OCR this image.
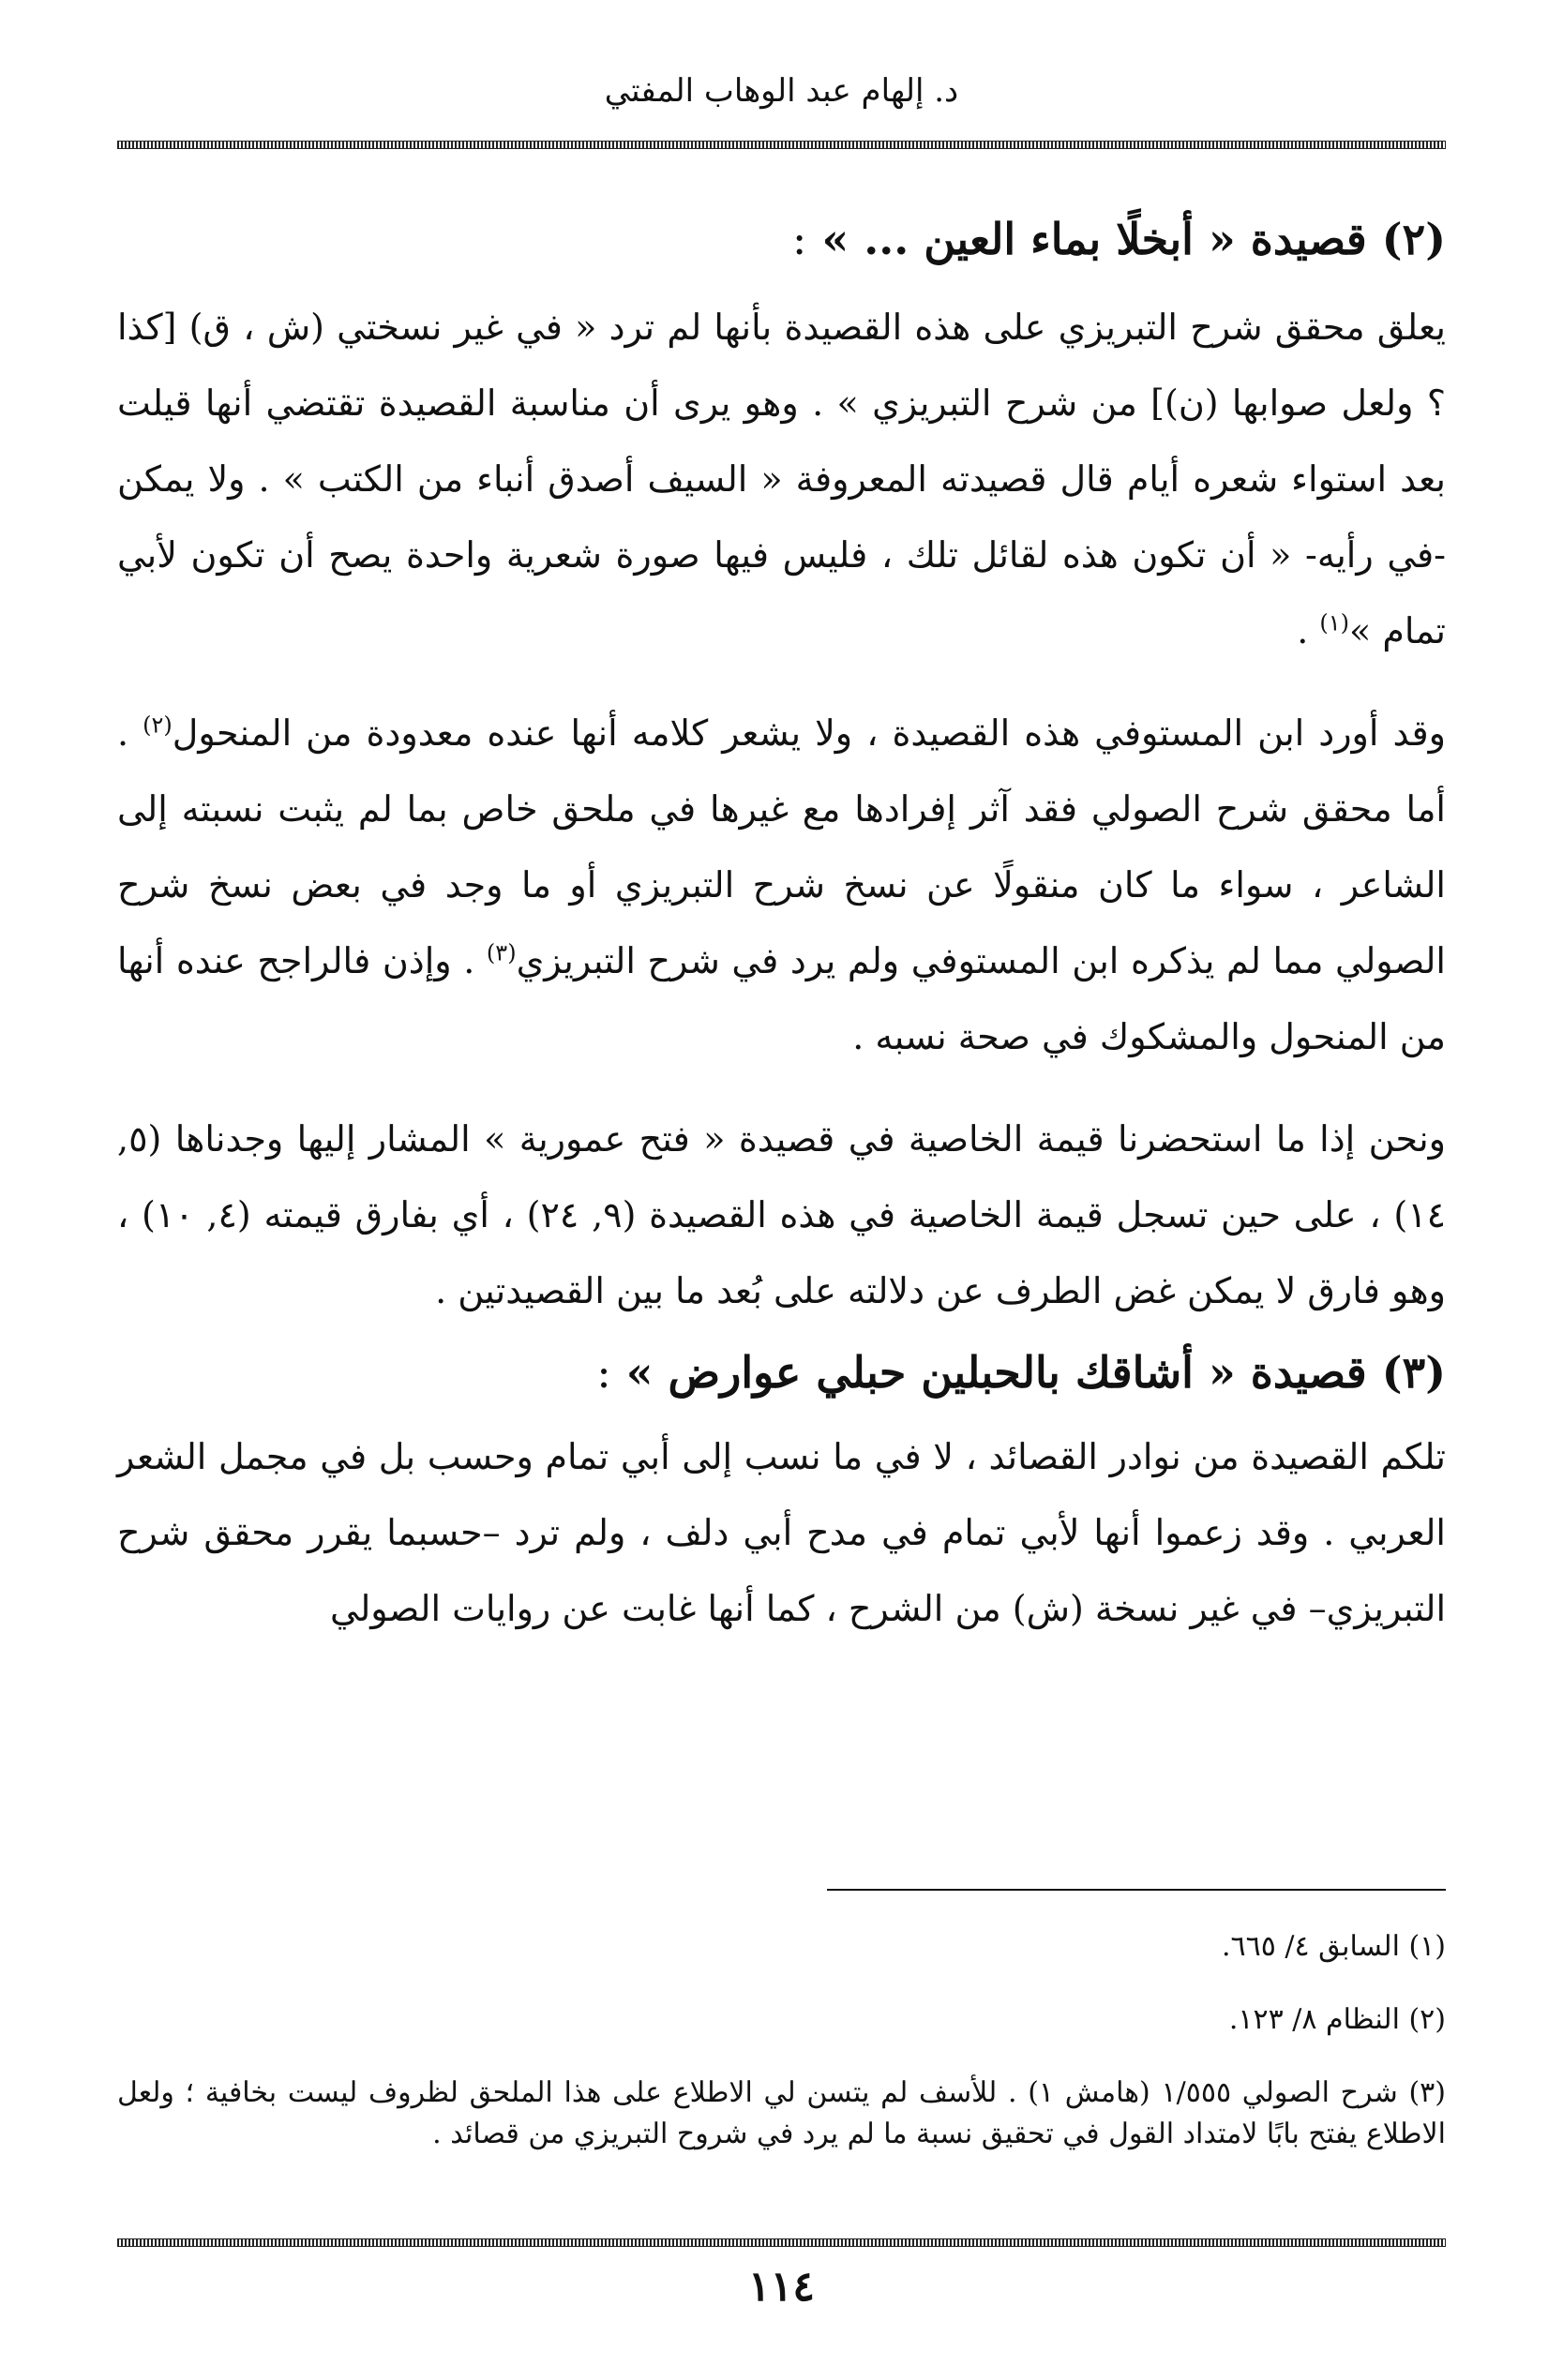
د. إلهام عبد الوهاب المفتي
(٢) قصيدة « أبخلًا بماء العين ... » :

يعلق محقق شرح التبريزي على هذه القصيدة بأنها لم ترد « في غير نسختي (ش ، ق) [كذا ؟ ولعل صوابها (ن)] من شرح التبريزي » . وهو يرى أن مناسبة القصيدة تقتضي أنها قيلت بعد استواء شعره أيام قال قصيدته المعروفة « السيف أصدق أنباء من الكتب » . ولا يمكن -في رأيه- « أن تكون هذه لقائل تلك ، فليس فيها صورة شعرية واحدة يصح أن تكون لأبي تمام »$^{(١)}$ .

وقد أورد ابن المستوفي هذه القصيدة ، ولا يشعر كلامه أنها عنده معدودة من المنحول$^{(٢)}$ . أما محقق شرح الصولي فقد آثر إفرادها مع غيرها في ملحق خاص بما لم يثبت نسبته إلى الشاعر ، سواء ما كان منقولًا عن نسخ شرح التبريزي أو ما وجد في بعض نسخ شرح الصولي مما لم يذكره ابن المستوفي ولم يرد في شرح التبريزي$^{(٣)}$ . وإذن فالراجح عنده أنها من المنحول والمشكوك في صحة نسبه .

ونحن إذا ما استحضرنا قيمة الخاصية في قصيدة « فتح عمورية » المشار إليها وجدناها (٥, ١٤) ، على حين تسجل قيمة الخاصية في هذه القصيدة (٩, ٢٤) ، أي بفارق قيمته (٤, ١٠) ، وهو فارق لا يمكن غض الطرف عن دلالته على بُعد ما بين القصيدتين .

(٣) قصيدة « أشاقك بالحبلين حبلي عوارض » :

تلكم القصيدة من نوادر القصائد ، لا في ما نسب إلى أبي تمام وحسب بل في مجمل الشعر العربي . وقد زعموا أنها لأبي تمام في مدح أبي دلف ، ولم ترد –حسبما يقرر محقق شرح التبريزي– في غير نسخة (ش) من الشرح ، كما أنها غابت عن روايات الصولي

(١) السابق ٤/ ٦٦٥.

(٢) النظام ٨/ ١٢٣.

(٣) شرح الصولي ١/٥٥٥ (هامش ١) . للأسف لم يتسن لي الاطلاع على هذا الملحق لظروف ليست بخافية ؛ ولعل الاطلاع يفتح بابًا لامتداد القول في تحقيق نسبة ما لم يرد في شروح التبريزي من قصائد .

١١٤
